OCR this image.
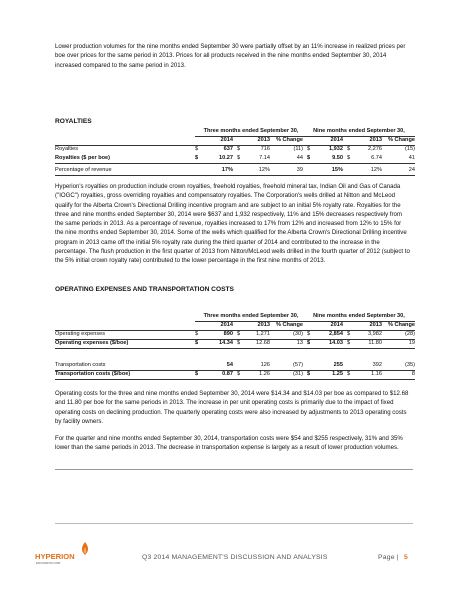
Lower production volumes for the nine months ended September 30 were partially offset by an 11% increase in realized prices per boe over prices for the same period in 2013. Prices for all products received in the nine months ended September 30, 2014 increased compared to the same period in 2013.

ROYALTIES

Three months ended September 30,	Nine months ended September 30,
2014	2013	% Change	2014	2013	% Change
Royalties	$	637 $	716	(11) $	1,932 $	2,276	(15)
Royalties ($ per boe)	$	10.27 $	7.14	44 $	9.50 $	6.74	41
Percentage of revenue	17%	12%	39	15%	12%	24

Hyperion's royalties on production include crown royalties, freehold royalties, freehold mineral tax, Indian Oil and Gas of Canada ("IOGC") royalties, gross overriding royalties and compensatory royalties. The Corporation's wells drilled at Nitton and McLeod qualify for the Alberta Crown's Directional Drilling incentive program and are subject to an initial 5% royalty rate. Royalties for the three and nine months ended September 30, 2014 were $637 and 1,932 respectively, 11% and 15% decreases respectively from the same periods in 2013. As a percentage of revenue, royalties increased to 17% from 12% and increased from 12% to 15% for the nine months ended September 30, 2014. Some of the wells which qualified for the Alberta Crown's Directional Drilling incentive program in 2013 came off the initial 5% royalty rate during the third quarter of 2014 and contributed to the increase in the percentage. The flush production in the first quarter of 2013 from Nitton/McLeod wells drilled in the fourth quarter of 2012 (subject to the 5% initial crown royalty rate) contributed to the lower percentage in the first nine months of 2013.

OPERATING EXPENSES AND TRANSPORTATION COSTS

Three months ended September 30,	Nine months ended September 30,
2014	2013	% Change	2014	2013	% Change
Operating expenses	$	890 $	1,271	(30) $	2,854 $	3,982	(28)
Operating expenses ($/boe)	$	14.34 $	12.68	13 $	14.03 $	11.80	19
Transportation costs	54	126	(57)	255	392	(35)
Transportation costs ($/boe)	$	0.87 $	1.26	(31) $	1.25 $	1.16	8

Operating costs for the three and nine months ended September 30, 2014 were $14.34 and $14.03 per boe as compared to $12.68 and 11.80 per boe for the same periods in 2013. The increase in per unit operating costs is primarily due to the impact of fixed operating costs on declining production. The quarterly operating costs were also increased by adjustments to 2013 operating costs by facility owners.

For the quarter and nine months ended September 30, 2014, transportation costs were $54 and $255 respectively, 31% and 35% lower than the same periods in 2013. The decrease in transportation expense is largely as a result of lower production volumes.

HYPERION
EXPLORATION CORP
Q3 2014 MANAGEMENT'S DISCUSSION AND ANALYSIS	Page | 5
